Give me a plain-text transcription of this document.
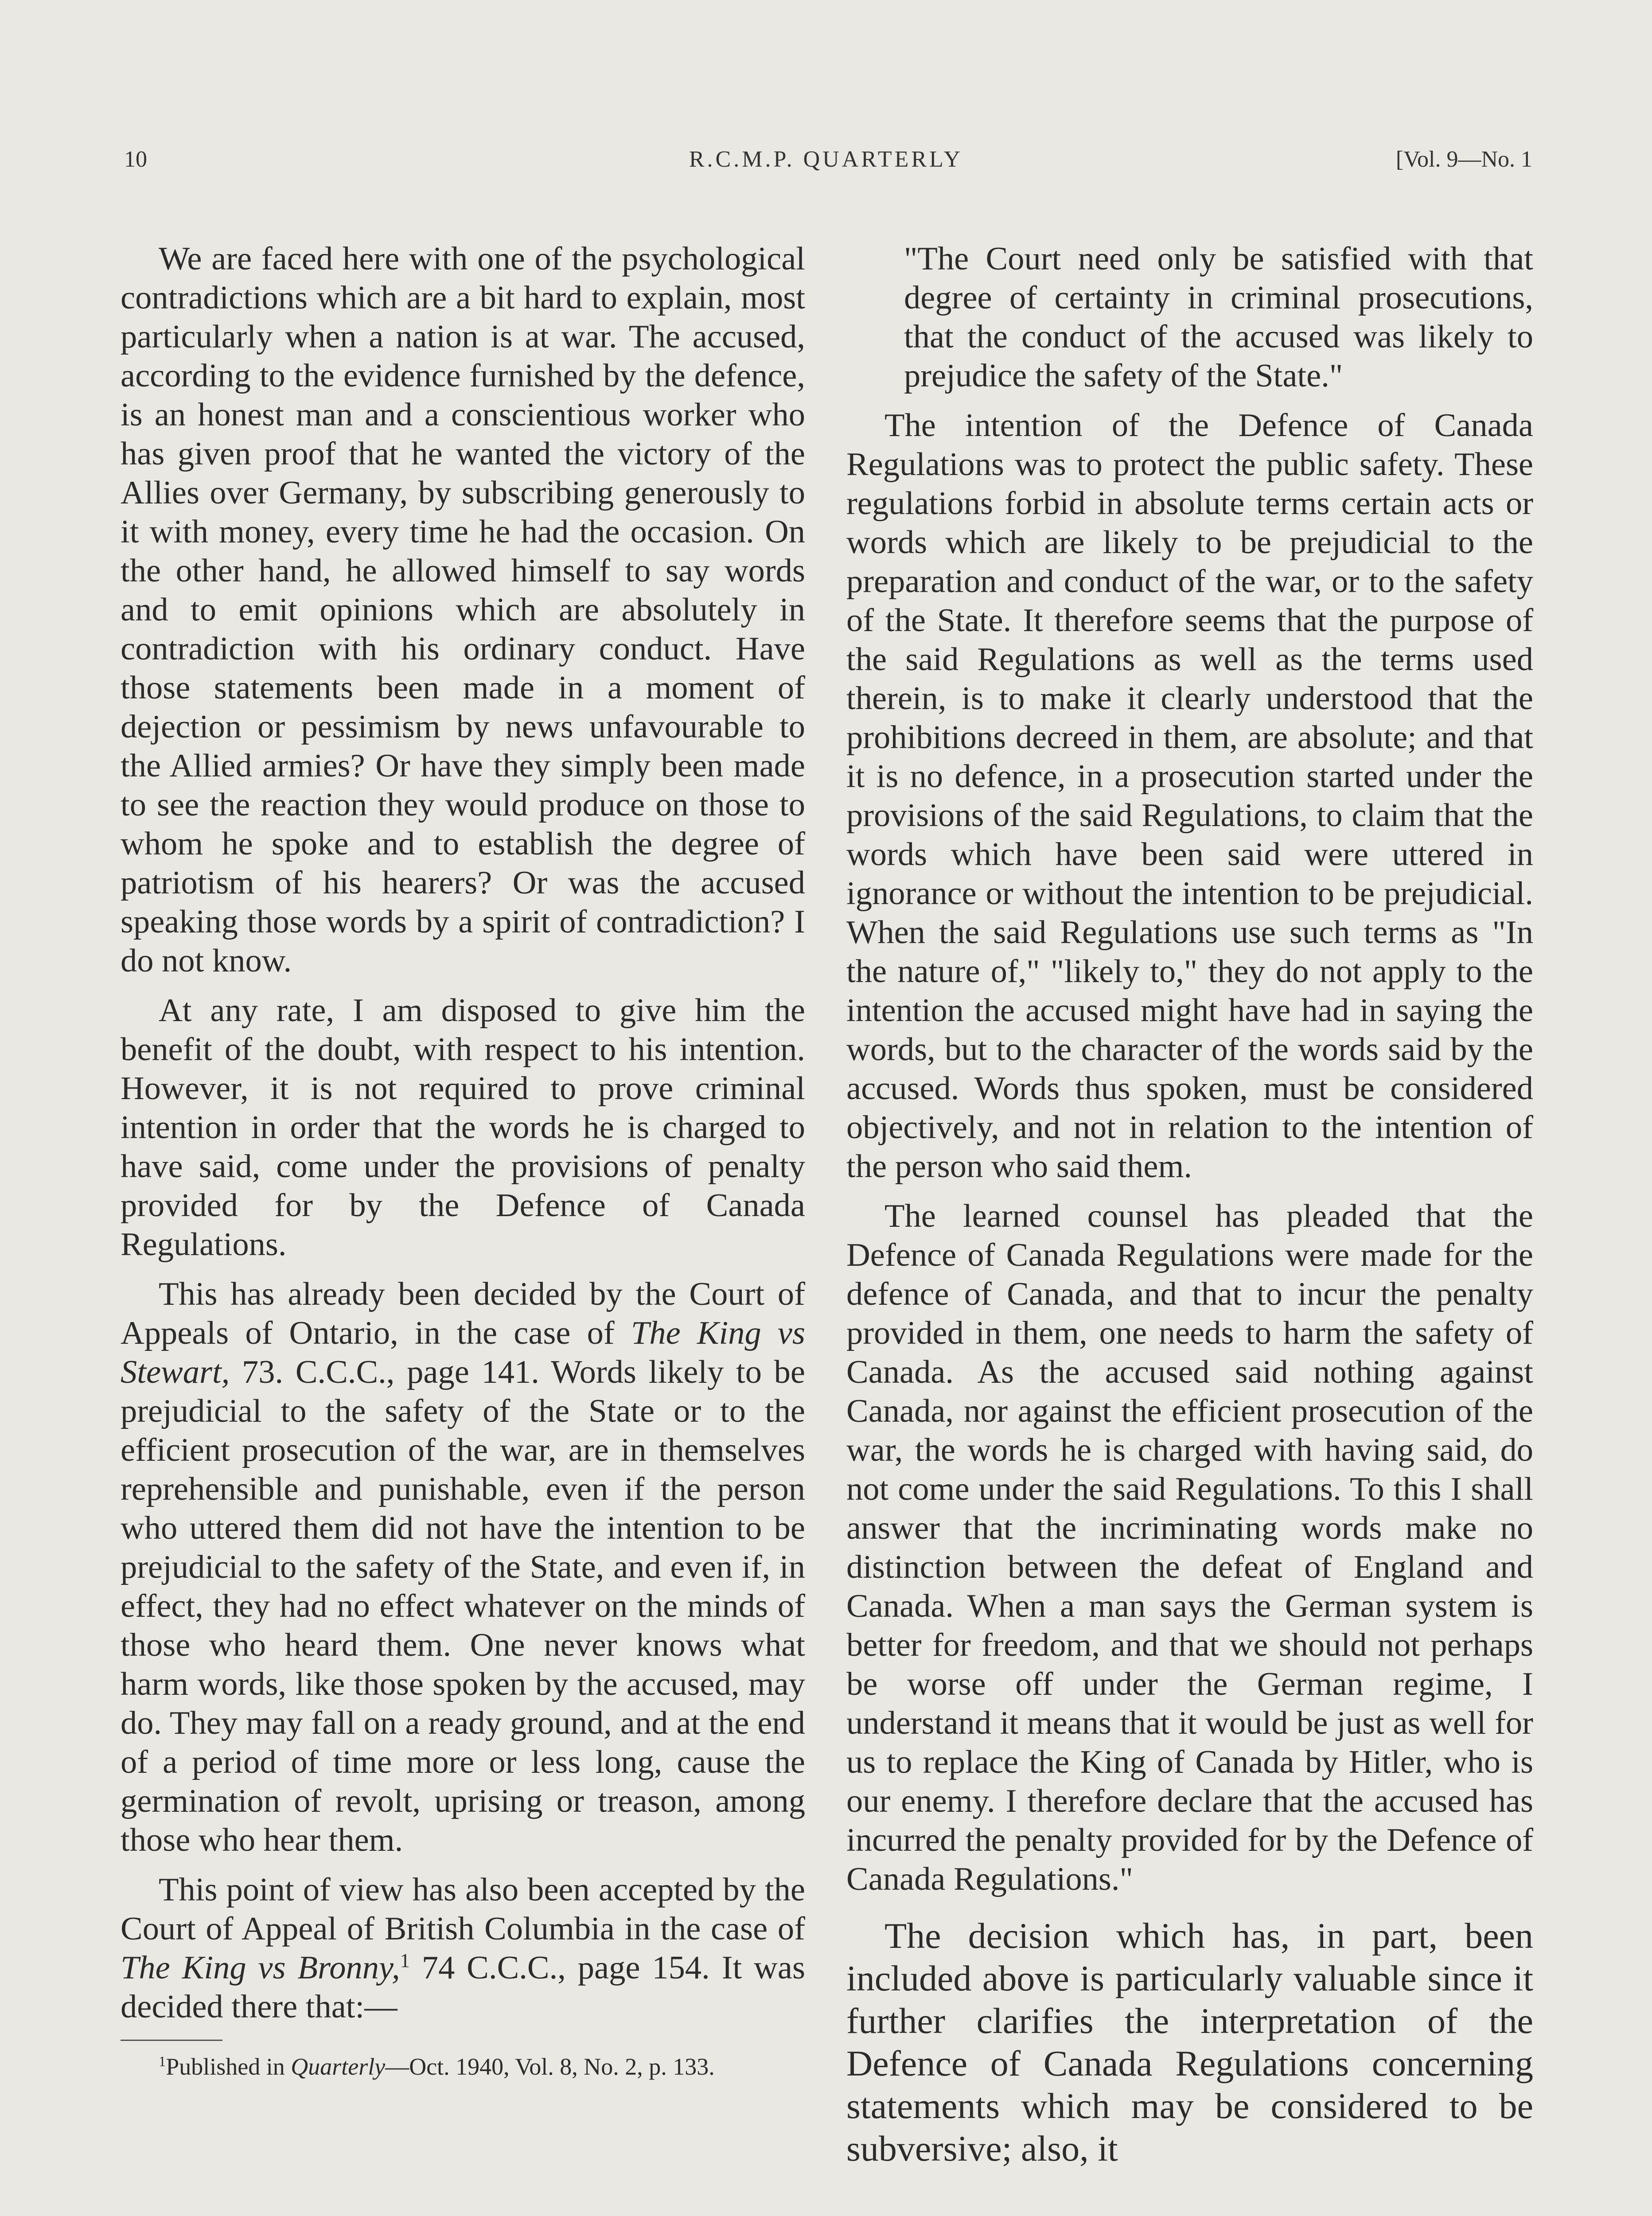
10	R.C.M.P. QUARTERLY	[Vol. 9—No. 1

We are faced here with one of the psychological contradictions which are a bit hard to explain, most particularly when a nation is at war. The accused, according to the evidence furnished by the defence, is an honest man and a conscientious worker who has given proof that he wanted the victory of the Allies over Germany, by subscribing generously to it with money, every time he had the occasion. On the other hand, he allowed himself to say words and to emit opinions which are absolutely in contradiction with his ordinary conduct. Have those statements been made in a moment of dejection or pessimism by news unfavourable to the Allied armies? Or have they simply been made to see the reaction they would produce on those to whom he spoke and to establish the degree of patriotism of his hearers? Or was the accused speaking those words by a spirit of contradiction? I do not know.

At any rate, I am disposed to give him the benefit of the doubt, with respect to his intention. However, it is not required to prove criminal intention in order that the words he is charged to have said, come under the provisions of penalty provided for by the Defence of Canada Regulations.

This has already been decided by the Court of Appeals of Ontario, in the case of The King vs Stewart, 73. C.C.C., page 141. Words likely to be prejudicial to the safety of the State or to the efficient prosecution of the war, are in themselves reprehensible and punishable, even if the person who uttered them did not have the intention to be prejudicial to the safety of the State, and even if, in effect, they had no effect whatever on the minds of those who heard them. One never knows what harm words, like those spoken by the accused, may do. They may fall on a ready ground, and at the end of a period of time more or less long, cause the germination of revolt, uprising or treason, among those who hear them.

This point of view has also been accepted by the Court of Appeal of British Columbia in the case of The King vs Bronny,$^1$ 74 C.C.C., page 154. It was decided there that:—

$^1$Published in Quarterly—Oct. 1940, Vol. 8, No. 2, p. 133.

"The Court need only be satisfied with that degree of certainty in criminal prosecutions, that the conduct of the accused was likely to prejudice the safety of the State."

The intention of the Defence of Canada Regulations was to protect the public safety. These regulations forbid in absolute terms certain acts or words which are likely to be prejudicial to the preparation and conduct of the war, or to the safety of the State. It therefore seems that the purpose of the said Regulations as well as the terms used therein, is to make it clearly understood that the prohibitions decreed in them, are absolute; and that it is no defence, in a prosecution started under the provisions of the said Regulations, to claim that the words which have been said were uttered in ignorance or without the intention to be prejudicial. When the said Regulations use such terms as "In the nature of," "likely to," they do not apply to the intention the accused might have had in saying the words, but to the character of the words said by the accused. Words thus spoken, must be considered objectively, and not in relation to the intention of the person who said them.

The learned counsel has pleaded that the Defence of Canada Regulations were made for the defence of Canada, and that to incur the penalty provided in them, one needs to harm the safety of Canada. As the accused said nothing against Canada, nor against the efficient prosecution of the war, the words he is charged with having said, do not come under the said Regulations. To this I shall answer that the incriminating words make no distinction between the defeat of England and Canada. When a man says the German system is better for freedom, and that we should not perhaps be worse off under the German regime, I understand it means that it would be just as well for us to replace the King of Canada by Hitler, who is our enemy. I therefore declare that the accused has incurred the penalty provided for by the Defence of Canada Regulations."

The decision which has, in part, been included above is particularly valuable since it further clarifies the interpretation of the Defence of Canada Regulations concerning statements which may be considered to be subversive; also, it
